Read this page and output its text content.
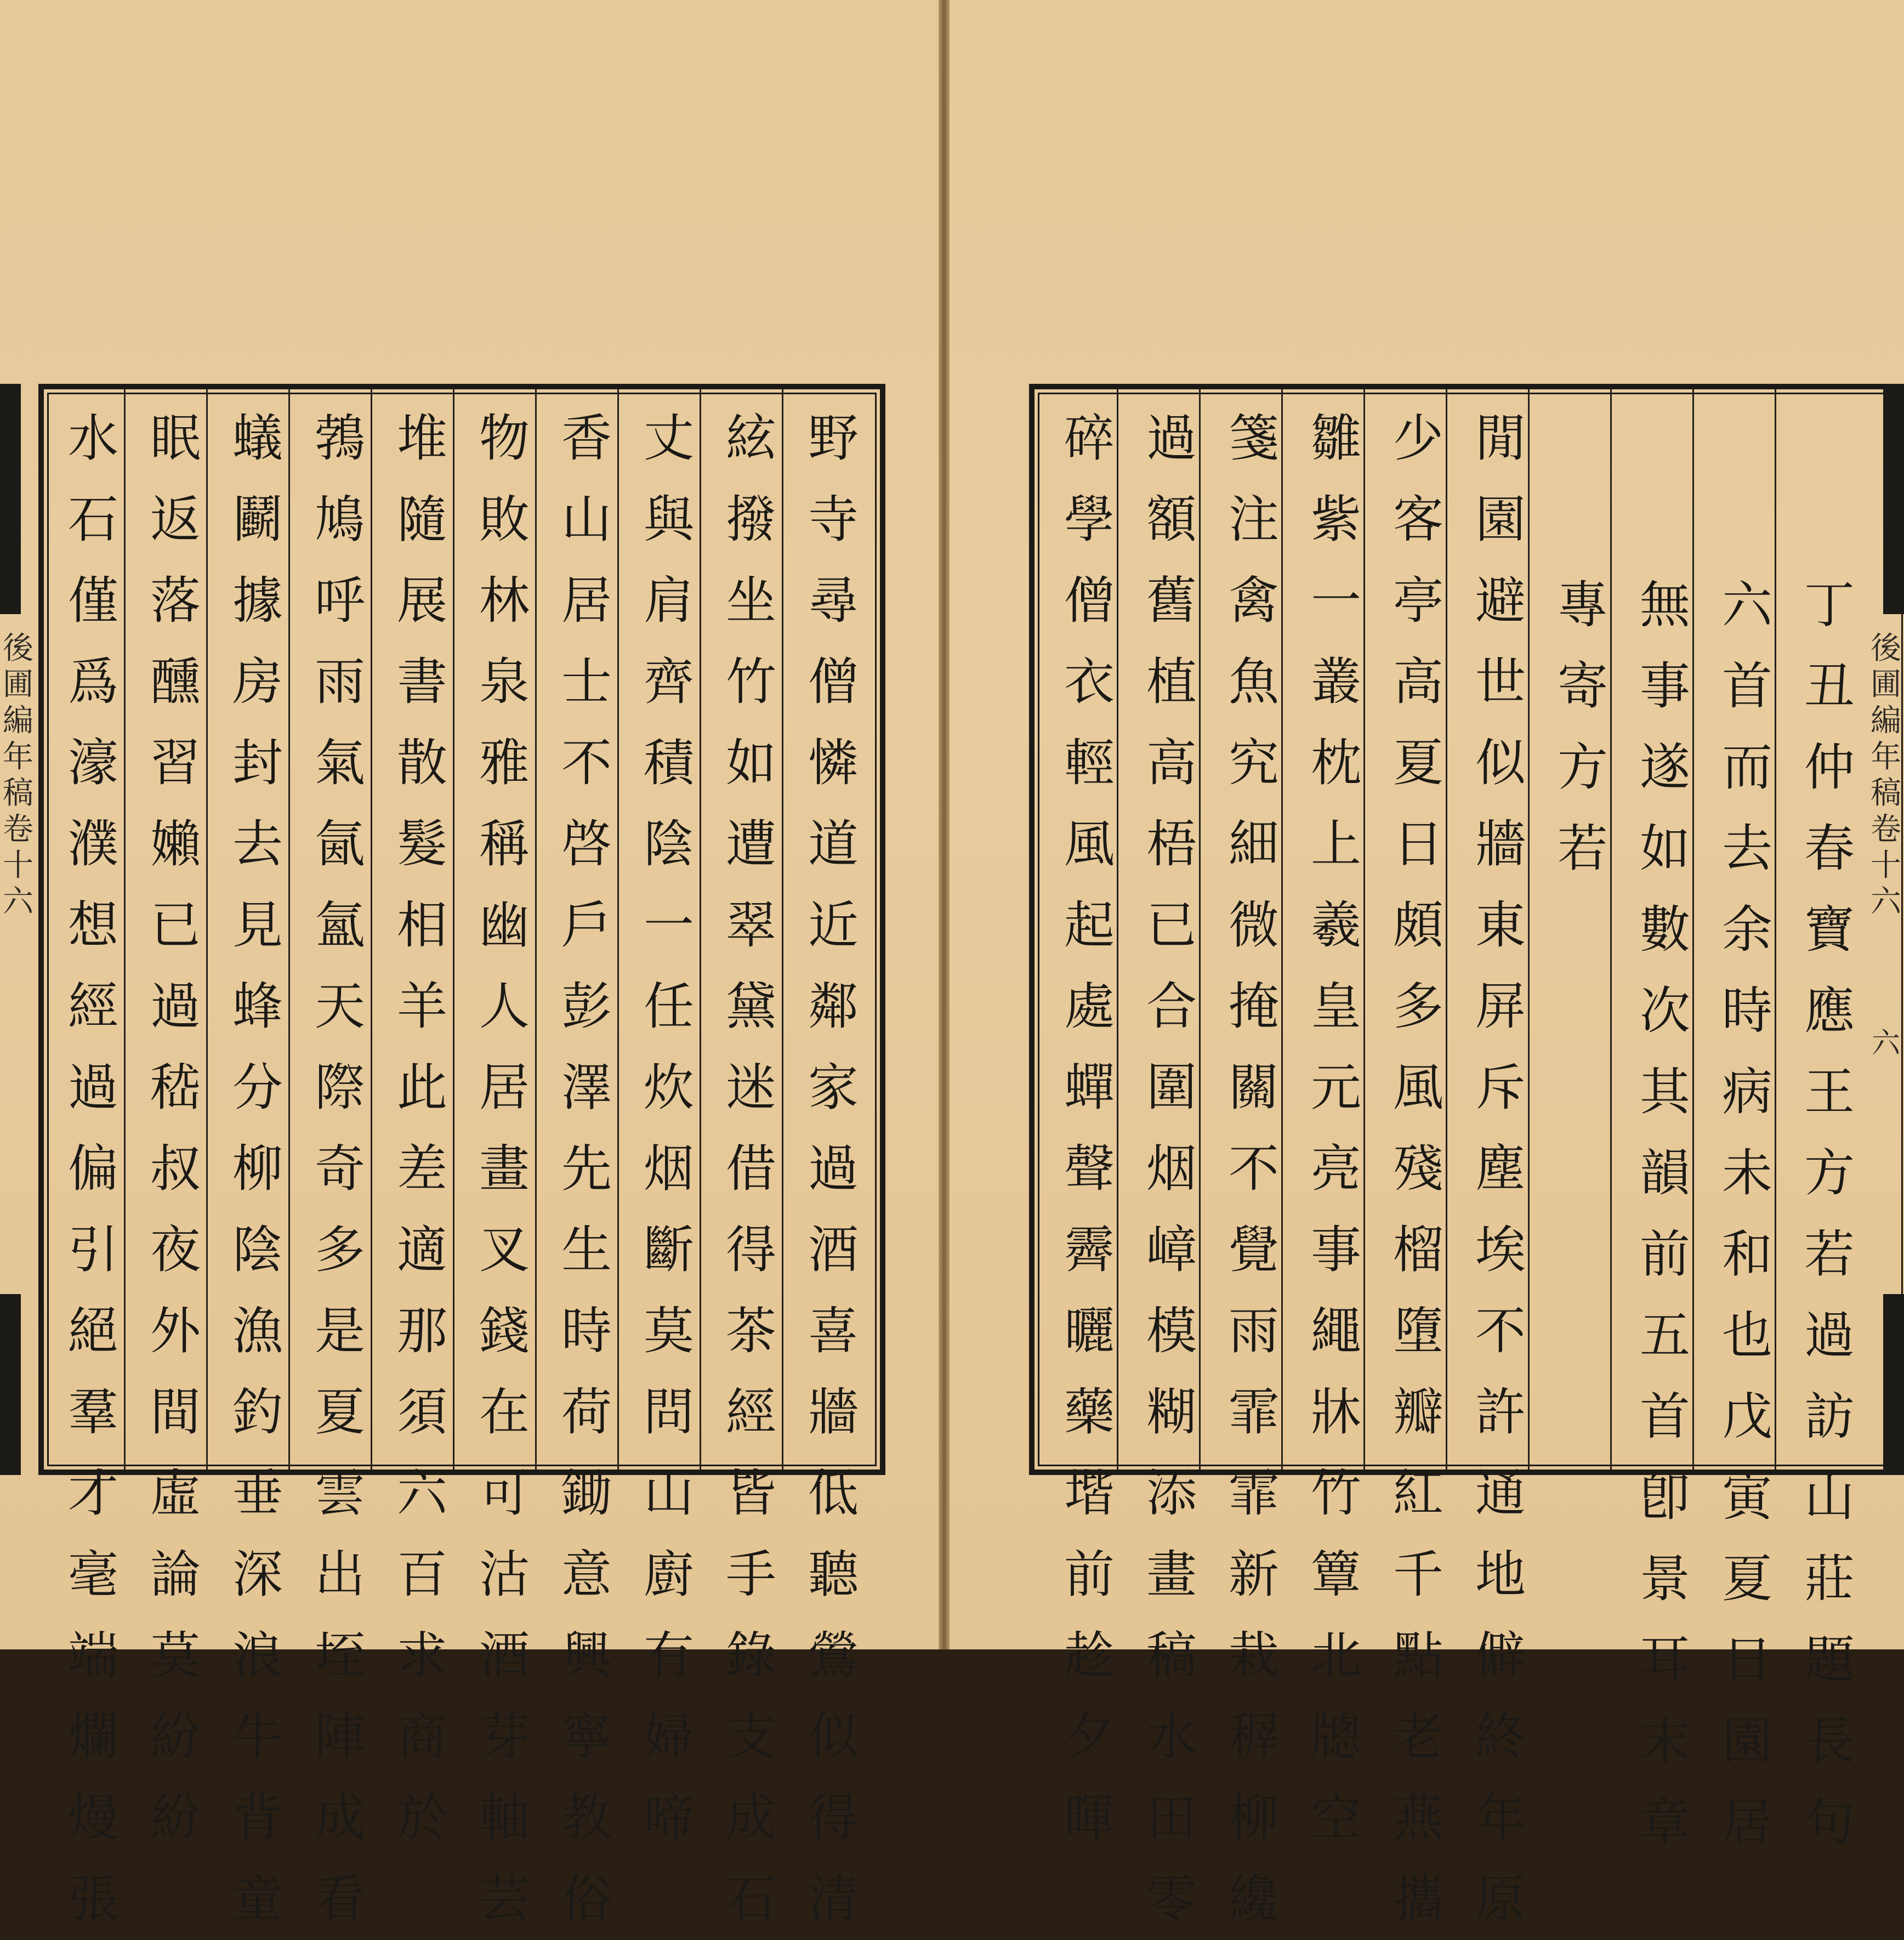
後
圃
編
年
稿
卷
十
六
野
寺
尋
僧
憐
道
近
鄰
家
過
酒
喜
牆
低
聽
鶯
似
得
清
絃
撥
坐
竹
如
遭
翠
黛
迷
借
得
茶
經
皆
手
錄
支
成
石
丈
與
肩
齊
積
陰
一
任
炊
烟
斷
莫
問
山
廚
有
婦
啼
香
山
居
士
不
啓
戶
彭
澤
先
生
時
荷
鋤
意
興
寧
教
俗
物
敗
林
泉
雅
稱
幽
人
居
畫
叉
錢
在
可
沽
酒
芽
軸
芸
堆
隨
展
書
散
髮
相
羊
此
差
適
那
須
六
百
求
商
於
鵓
鳩
呼
雨
氣
氤
氳
天
際
奇
多
是
夏
雲
出
垤
陣
成
看
蟻
鬬
據
房
封
去
見
蜂
分
柳
陰
漁
釣
垂
深
浪
牛
背
童
眠
返
落
醺
習
嬾
已
過
嵇
叔
夜
外
間
虛
論
莫
紛
紛
水
石
僅
爲
濠
濮
想
經
過
偏
引
絕
羣
才
毫
端
爛
熳
張
後
圃
編
年
稿
卷
十
六
六
丁
丑
仲
春
寶
應
王
方
若
過
訪
山
莊
題
長
句
六
首
而
去
余
時
病
未
和
也
戊
寅
夏
日
園
居
無
事
遂
如
數
次
其
韻
前
五
首
卽
景
耳
末
章
專
寄
方
若
閒
園
避
世
似
牆
東
屏
斥
塵
埃
不
許
通
地
僻
終
年
原
少
客
亭
高
夏
日
頗
多
風
殘
榴
墮
瓣
紅
千
點
老
燕
攜
雛
紫
一
叢
枕
上
羲
皇
元
亮
事
繩
牀
竹
簟
北
牕
空
箋
注
禽
魚
究
細
微
掩
關
不
覺
雨
霏
霏
新
栽
稺
柳
纔
過
額
舊
植
高
梧
已
合
圍
烟
嶂
模
糊
添
畫
稿
水
田
零
碎
學
僧
衣
輕
風
起
處
蟬
聲
霽
曬
藥
堦
前
趁
夕
暉
